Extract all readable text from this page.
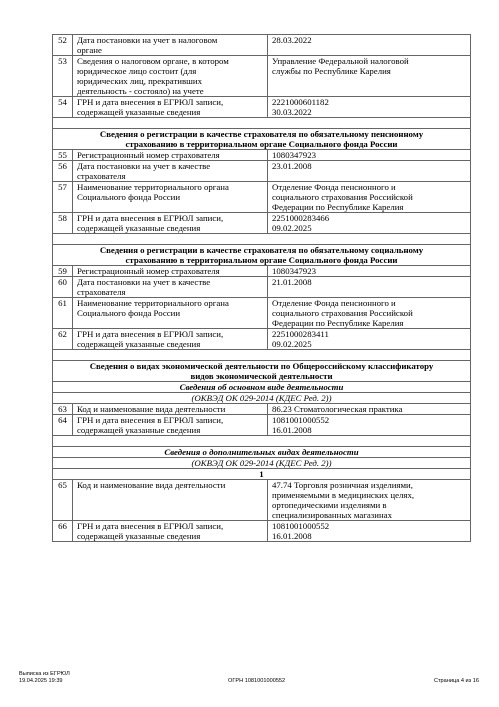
52	Дата постановки на учет в налоговом
органе	28.03.2022

53	Сведения о налоговом органе, в котором
юридическое лицо состоит (для
юридических лиц, прекративших
деятельность - состояло) на учете	Управление Федеральной налоговой
службы по Республике Карелия

54	ГРН и дата внесения в ЕГРЮЛ записи,
содержащей указанные сведения	2221000601182
30.03.2022

Сведения о регистрации в качестве страхователя по обязательному пенсионному
страхованию в территориальном органе Социального фонда России		

55	Регистрационный номер страхователя	1080347923

56	Дата постановки на учет в качестве
страхователя	23.01.2008

57	Наименование территориального органа
Социального фонда России	Отделение Фонда пенсионного и
социального страхования Российской
Федерации по Республике Карелия

58	ГРН и дата внесения в ЕГРЮЛ записи,
содержащей указанные сведения	2251000283466
09.02.2025

Сведения о регистрации в качестве страхователя по обязательному социальному
страхованию в территориальном органе Социального фонда России		

59	Регистрационный номер страхователя	1080347923

60	Дата постановки на учет в качестве
страхователя	21.01.2008

61	Наименование территориального органа
Социального фонда России	Отделение Фонда пенсионного и
социального страхования Российской
Федерации по Республике Карелия

62	ГРН и дата внесения в ЕГРЮЛ записи,
содержащей указанные сведения	2251000283411
09.02.2025

Сведения о видах экономической деятельности по Общероссийскому классификатору
видов экономической деятельности		

Сведения об основном виде деятельности		
(ОКВЭД ОК 029-2014 (КДЕС Ред. 2))		
63	Код и наименование вида деятельности	86.23 Стоматологическая практика

64	ГРН и дата внесения в ЕГРЮЛ записи,
содержащей указанные сведения	1081001000552
16.01.2008

Сведения о дополнительных видах деятельности		
(ОКВЭД ОК 029-2014 (КДЕС Ред. 2))		
1		
65	Код и наименование вида деятельности	47.74 Торговля розничная изделиями,
применяемыми в медицинских целях,
ортопедическими изделиями в
специализированных магазинах

66	ГРН и дата внесения в ЕГРЮЛ записи,
содержащей указанные сведения	1081001000552
16.01.2008
Выписка из ЕГРЮЛ
19.04.2025 19:39	ОГРН 1081001000552	Страница 4 из 16
